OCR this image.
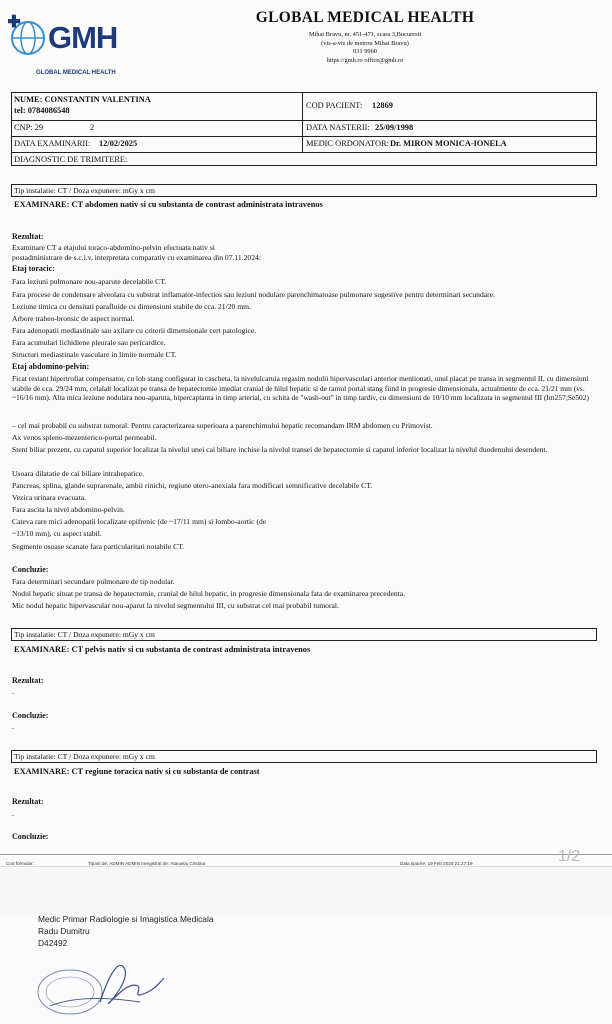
GMH
GLOBAL MEDICAL HEALTH
GLOBAL MEDICAL HEALTH
Mihai Bravu, nr. 451-471, scara 3,Bucuresti
(vis-a-vis de metrou Mihai Bravu)
031 9960
https://gmh.ro office@gmh.ro
NUME: CONSTANTIN VALENTINA
tel: 0784086548
COD PACIENT: 12869
CNP: 29	2	DATA NASTERII: 25/09/1998
DATA EXAMINARII: 12/02/2025	MEDIC ORDONATOR: Dr. MIRON MONICA-IONELA
DIAGNOSTIC DE TRIMITERE:
Tip instalatie: CT / Doza expunere: mGy x cm
EXAMINARE: CT abdomen nativ si cu substanta de contrast administrata intravenos
Rezultat:
Examinare CT a etajului toraco-abdomino-pelvin efectuata nativ si
postadministrare de s.c.i.v, interpretata comparativ cu examinarea din 07.11.2024:
Etaj toracic:
Fara leziuni pulmonare nou-aparute decelabile CT.
Fara procese de condensare alveolara cu substrat inflamator-infectios sau leziuni nodulare parenchimatoase pulmonare sugestive pentru determinari secundare.
Leziune timica cu densitati parafluide cu dimensiuni stabile de cca. 21/20 mm.
Arbore traheo-bronsic de aspect normal.
Fara adenopatii mediastinale sau axilare cu criterii dimensionale cert patologice.
Fara acumulari lichidiene pleurale sau pericardice.
Structuri mediastinale vasculare in limite normale CT.
Etaj abdomino-pelvin:
Ficat restant hipertrofiat compensator, cu lob stang configurat in cascheta, la nivelulcaruia regasim nodulii hipervasculari anterior mentionati, unul placat pe transa in segmentul II, cu dimensiuni stabile de cca. 29/24 mm, celalalt localizat pe transa de hepatectomie imediat cranial de hilul hepatic si de ramul portal stang fiind in progresie dimensionala, actualmente de cca. 21/21 mm (vs. ~16/16 mm). Alta mica leziune nodulara nou-aparuta, hipercaptanta in timp arterial, cu schita de "wash-out" in timp tardiv, cu dimensiuni de 10/10 mm localizata in segmentul III (Im257;Se502)
– cel mai probabil cu substrat tumoral. Pentru caracterizarea superioara a parenchimului hepatic recomandam IRM abdomen cu Primovist.
Ax venos spleno-mezenterico-portal permeabil.
Stent biliar prezent, cu capatul superior localizat la nivelul unei cai biliare inchise la nivelul transei de hepatectomie si capatul inferior localizat la nivelul duodenului desendent.
Usoara dilatatie de cai biliare intrahepatice.
Pancreas, splina, glande suprarenale, ambii rinichi, regiune utero-anexiala fara modificari semnificative decelabile CT.
Vezica urinara evacuata.
Fara ascita la nivel abdomino-pelvin.
Cateva rare mici adenopatii localizate epifrenic (de ~17/11 mm) si lombo-aortic (de
~13/10 mm), cu aspect stabil.
Segmente osoase scanate fara particularitati notabile CT.
Concluzie:
Fara determinari secundare pulmonare de tip nodular.
Nodul hepatic situat pe transa de hepatectomie, cranial de hilul hepatic, in progresie dimensionala fata de examinarea precedenta.
Mic nodul hepatic hipervascular nou-aparut la nivelul segmentului III, cu substrat cel mai probabil tumoral.
Tip instalatie: CT / Doza expunere: mGy x cm
EXAMINARE: CT pelvis nativ si cu substanta de contrast administrata intravenos
Rezultat:
.
Concluzie:
.
Tip instalatie: CT / Doza expunere: mGy x cm
EXAMINARE: CT regiune toracica nativ si cu substanta de contrast
Rezultat:
.
Concluzie:
Cod formular:	Tiparit de: ADMIN ADMIN Inregistrat de: Atanasiu Cristina	Data tiparire: 19 Feb 2025 21:27:19	1/2
Medic Primar Radiologie si Imagistica Medicala
Radu Dumitru
D42492
